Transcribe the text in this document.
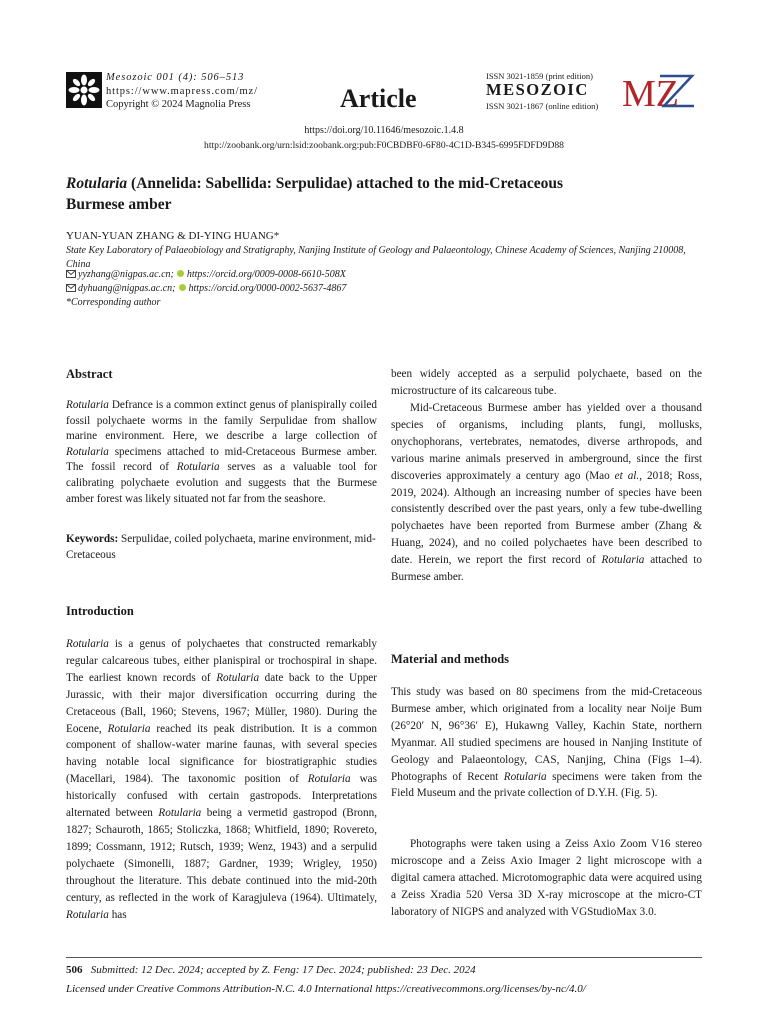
Mesozoic 001 (4): 506–513
https://www.mapress.com/mz/
Copyright © 2024 Magnolia Press	Article
ISSN 3021-1859 (print edition)
MESOZOIC
ISSN 3021-1867 (online edition) MZ
https://doi.org/10.11646/mesozoic.1.4.8
http://zoobank.org/urn:lsid:zoobank.org:pub:F0CBDBF0-6F80-4C1D-B345-6995FDFD9D88
Rotularia (Annelida: Sabellida: Serpulidae) attached to the mid-Cretaceous
Burmese amber
YUAN-YUAN ZHANG & DI-YING HUANG*
State Key Laboratory of Palaeobiology and Stratigraphy, Nanjing Institute of Geology and Palaeontology, Chinese Academy of Sciences, Nanjing 210008, China
yyzhang@nigpas.ac.cn; https://orcid.org/0009-0008-6610-508X
dyhuang@nigpas.ac.cn; https://orcid.org/0000-0002-5637-4867
*Corresponding author
Abstract
Rotularia Defrance is a common extinct genus of planispirally coiled fossil polychaete worms in the family Serpulidae from shallow marine environment. Here, we describe a large collection of Rotularia specimens attached to mid-Cretaceous Burmese amber. The fossil record of Rotularia serves as a valuable tool for calibrating polychaete evolution and suggests that the Burmese amber forest was likely situated not far from the seashore.
Keywords: Serpulidae, coiled polychaeta, marine environment, mid-Cretaceous
Introduction
Rotularia is a genus of polychaetes that constructed remarkably regular calcareous tubes, either planispiral or trochospiral in shape. The earliest known records of Rotularia date back to the Upper Jurassic, with their major diversification occurring during the Cretaceous (Ball, 1960; Stevens, 1967; Müller, 1980). During the Eocene, Rotularia reached its peak distribution. It is a common component of shallow-water marine faunas, with several species having notable local significance for biostratigraphic studies (Macellari, 1984). The taxonomic position of Rotularia was historically confused with certain gastropods. Interpretations alternated between Rotularia being a vermetid gastropod (Bronn, 1827; Schauroth, 1865; Stoliczka, 1868; Whitfield, 1890; Rovereto, 1899; Cossmann, 1912; Rutsch, 1939; Wenz, 1943) and a serpulid polychaete (Simonelli, 1887; Gardner, 1939; Wrigley, 1950) throughout the literature. This debate continued into the mid-20th century, as reflected in the work of Karagjuleva (1964). Ultimately, Rotularia has
been widely accepted as a serpulid polychaete, based on the microstructure of its calcareous tube.
Mid-Cretaceous Burmese amber has yielded over a thousand species of organisms, including plants, fungi, mollusks, onychophorans, vertebrates, nematodes, diverse arthropods, and various marine animals preserved in amberground, since the first discoveries approximately a century ago (Mao et al., 2018; Ross, 2019, 2024). Although an increasing number of species have been consistently described over the past years, only a few tube-dwelling polychaetes have been reported from Burmese amber (Zhang & Huang, 2024), and no coiled polychaetes have been described to date. Herein, we report the first record of Rotularia attached to Burmese amber.
Material and methods
This study was based on 80 specimens from the mid-Cretaceous Burmese amber, which originated from a locality near Noije Bum (26°20′ N, 96°36′ E), Hukawng Valley, Kachin State, northern Myanmar. All studied specimens are housed in Nanjing Institute of Geology and Palaeontology, CAS, Nanjing, China (Figs 1–4). Photographs of Recent Rotularia specimens were taken from the Field Museum and the private collection of D.Y.H. (Fig. 5).
Photographs were taken using a Zeiss Axio Zoom V16 stereo microscope and a Zeiss Axio Imager 2 light microscope with a digital camera attached. Microtomographic data were acquired using a Zeiss Xradia 520 Versa 3D X-ray microscope at the micro-CT laboratory of NIGPS and analyzed with VGStudioMax 3.0.
506 Submitted: 12 Dec. 2024; accepted by Z. Feng: 17 Dec. 2024; published: 23 Dec. 2024
Licensed under Creative Commons Attribution-N.C. 4.0 International https://creativecommons.org/licenses/by-nc/4.0/
